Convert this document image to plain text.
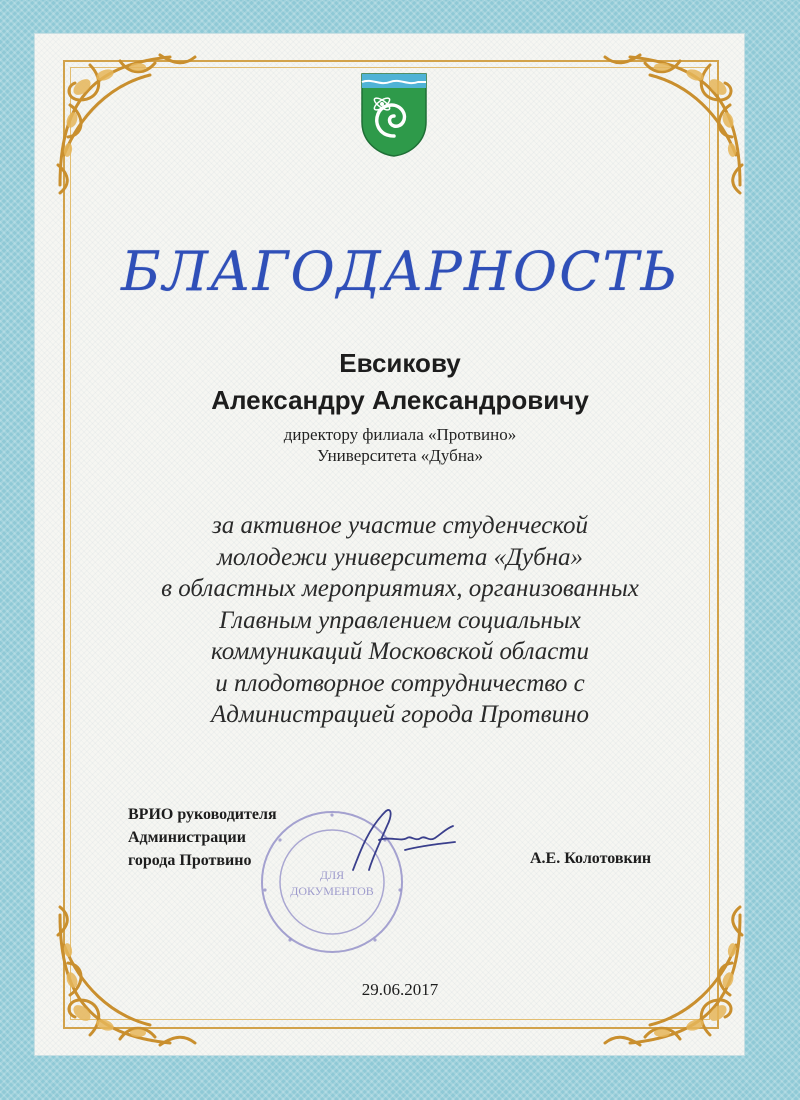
БЛАГОДАРНОСТЬ
Евсикову
Александру Александровичу
директору филиала «Протвино»
Университета «Дубна»
за активное участие студенческой
молодежи университета «Дубна»
в областных мероприятиях, организованных
Главным управлением социальных
коммуникаций Московской области
и плодотворное сотрудничество с
Администрацией города Протвино
ДЛЯ
ДОКУМЕНТОВ
ВРИО руководителя
Администрации
города Протвино	А.Е. Колотовкин
29.06.2017
